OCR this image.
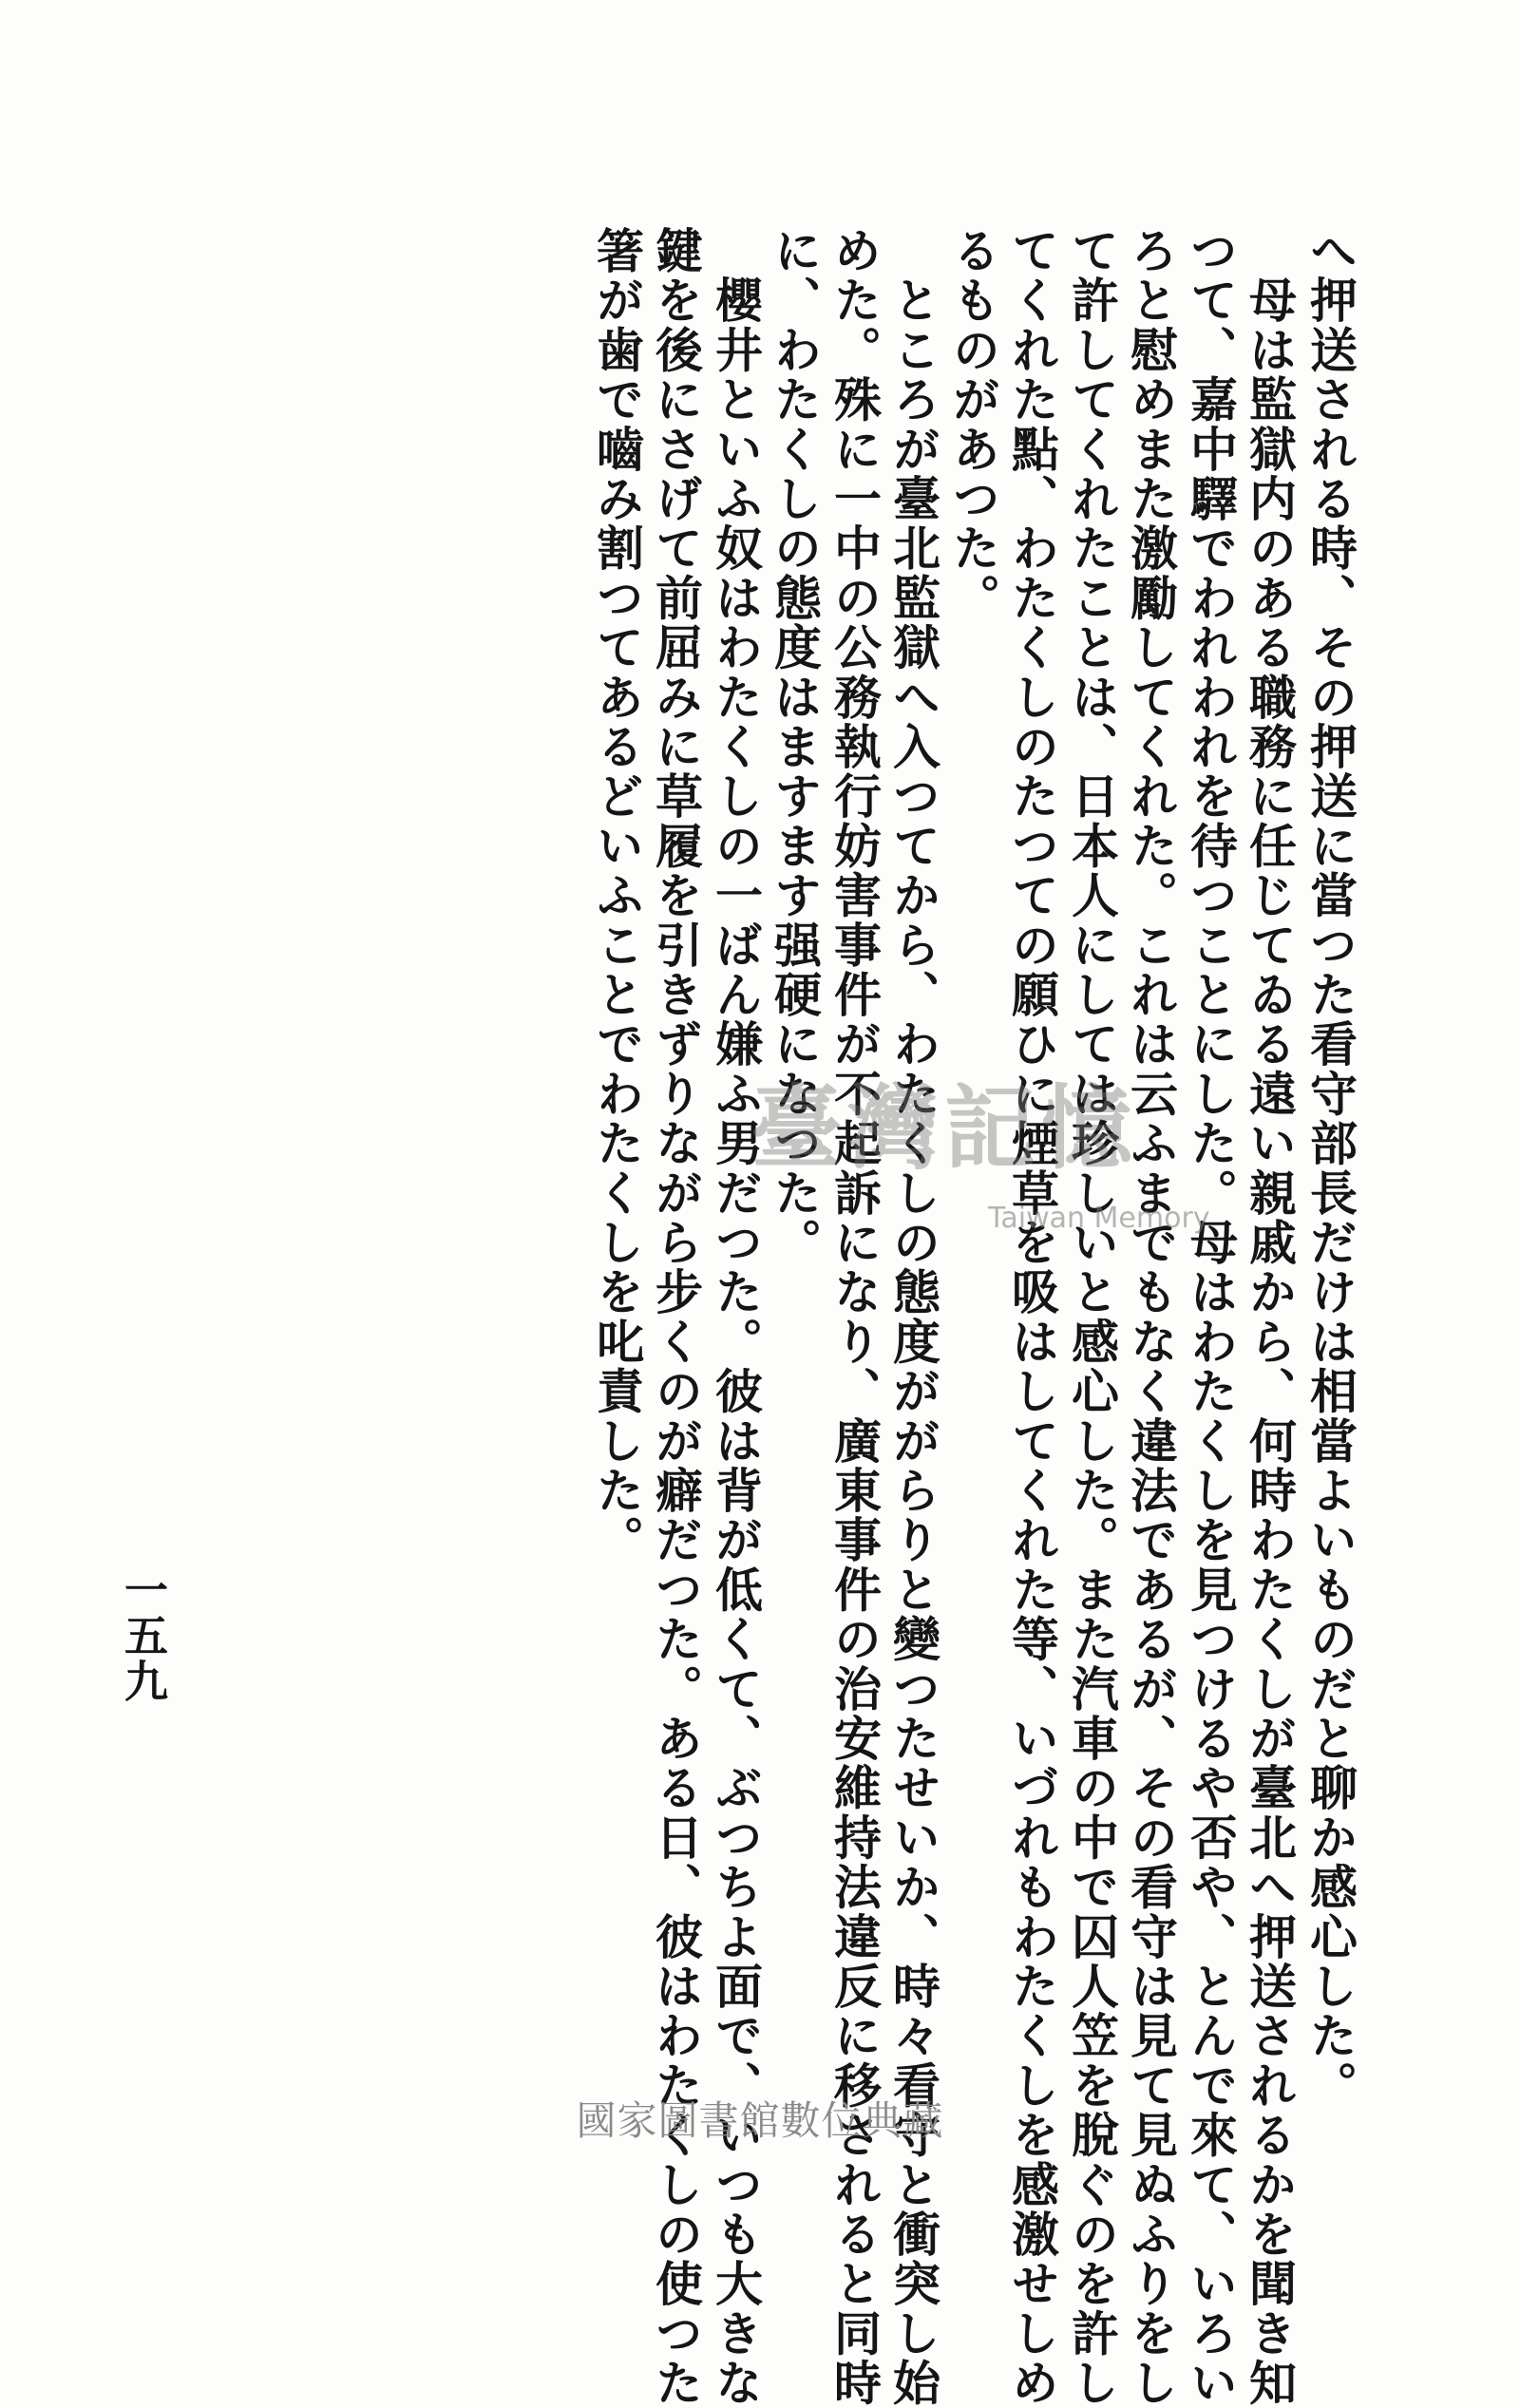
へ押送される時、その押送に當つた看守部長だけは相當よいものだと聊か感心した。
　母は監獄内のある職務に任じてゐる遠い親戚から、何時わたくしが臺北へ押送されるかを聞き知
つて、嘉中驛でわれわれを待つことにした。母はわたくしを見つけるや否や、とんで來て、いろい
ろと慰めまた激勵してくれた。これは云ふまでもなく違法であるが、その看守は見て見ぬふりをし
て許してくれたことは、日本人にしては珍しいと感心した。また汽車の中で囚人笠を脫ぐのを許し
てくれた點、わたくしのたつての願ひに煙草を吸はしてくれた等、いづれもわたくしを感激せしめ
るものがあつた。
　ところが臺北監獄へ入つてから、わたくしの態度ががらりと變つたせいか、時々看守と衝突し始
めた。殊に一中の公務執行妨害事件が不起訴になり、廣東事件の治安維持法違反に移されると同時
に、わたくしの態度はますます强硬になつた。
　櫻井といふ奴はわたくしの一ばん嫌ふ男だつた。彼は背が低くて、ぶつちよ面で、いつも大きな
鍵を後にさげて前屈みに草履を引きずりながら步くのが癖だつた。ある日、彼はわたくしの使つた
箸が歯で嚙み割つてあるどいふことでわたくしを叱責した。
一五九
臺灣記憶
Taiwan Memory
國家圖書館數位典藏
